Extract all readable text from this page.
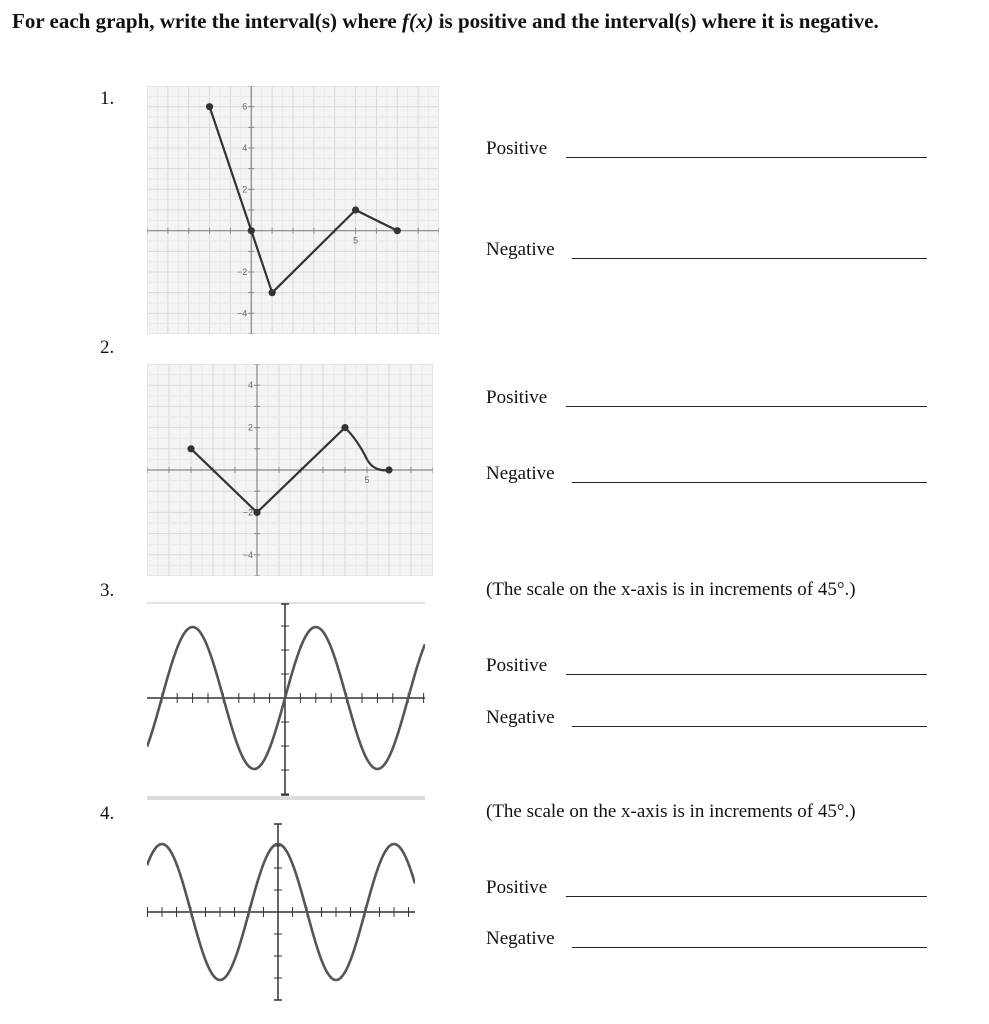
For each graph, write the interval(s) where f(x) is positive and the interval(s) where it is negative.

1.
5
6
4
2
−2
−4
Positive
Negative
2.
5
4
2
−2
−4
Positive
Negative
3.	(The scale on the x-axis is in increments of 45°.)
Positive
Negative
4.	(The scale on the x-axis is in increments of 45°.)
Positive
Negative
